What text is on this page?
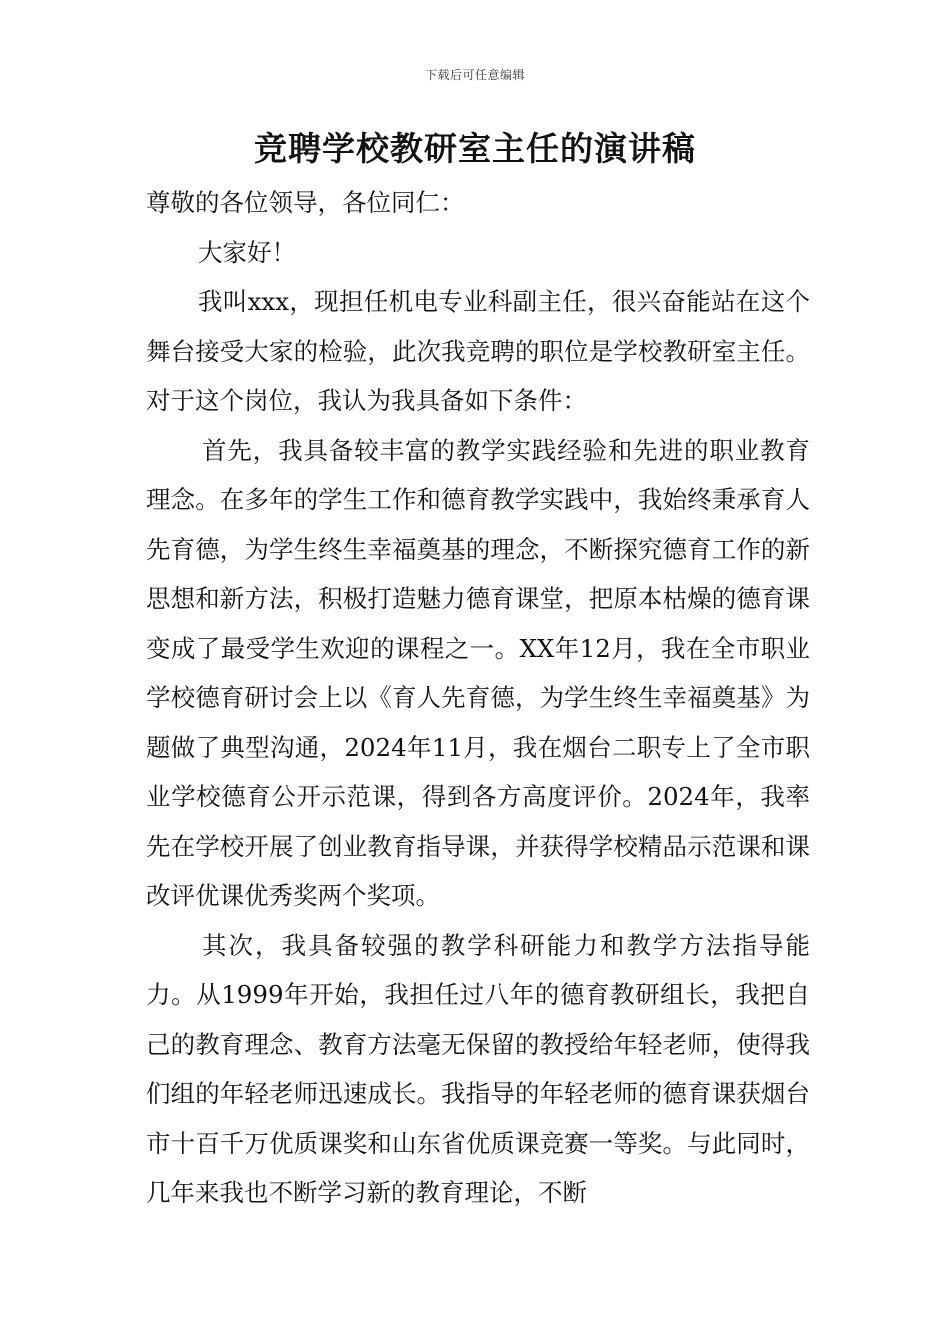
下载后可任意编辑
竞聘学校教研室主任的演讲稿

尊敬的各位领导，各位同仁：

大家好！

我叫xxx，现担任机电专业科副主任，很兴奋能站在这个舞台接受大家的检验，此次我竞聘的职位是学校教研室主任。对于这个岗位，我认为我具备如下条件：

首先，我具备较丰富的教学实践经验和先进的职业教育理念。在多年的学生工作和德育教学实践中，我始终秉承育人先育德，为学生终生幸福奠基的理念，不断探究德育工作的新思想和新方法，积极打造魅力德育课堂，把原本枯燥的德育课变成了最受学生欢迎的课程之一。XX年12月，我在全市职业学校德育研讨会上以《育人先育德，为学生终生幸福奠基》为题做了典型沟通，2024年11月，我在烟台二职专上了全市职业学校德育公开示范课，得到各方高度评价。2024年，我率先在学校开展了创业教育指导课，并获得学校精品示范课和课改评优课优秀奖两个奖项。

其次，我具备较强的教学科研能力和教学方法指导能力。从1999年开始，我担任过八年的德育教研组长，我把自己的教育理念、教育方法毫无保留的教授给年轻老师，使得我们组的年轻老师迅速成长。我指导的年轻老师的德育课获烟台市十百千万优质课奖和山东省优质课竞赛一等奖。与此同时，几年来我也不断学习新的教育理论，不断
